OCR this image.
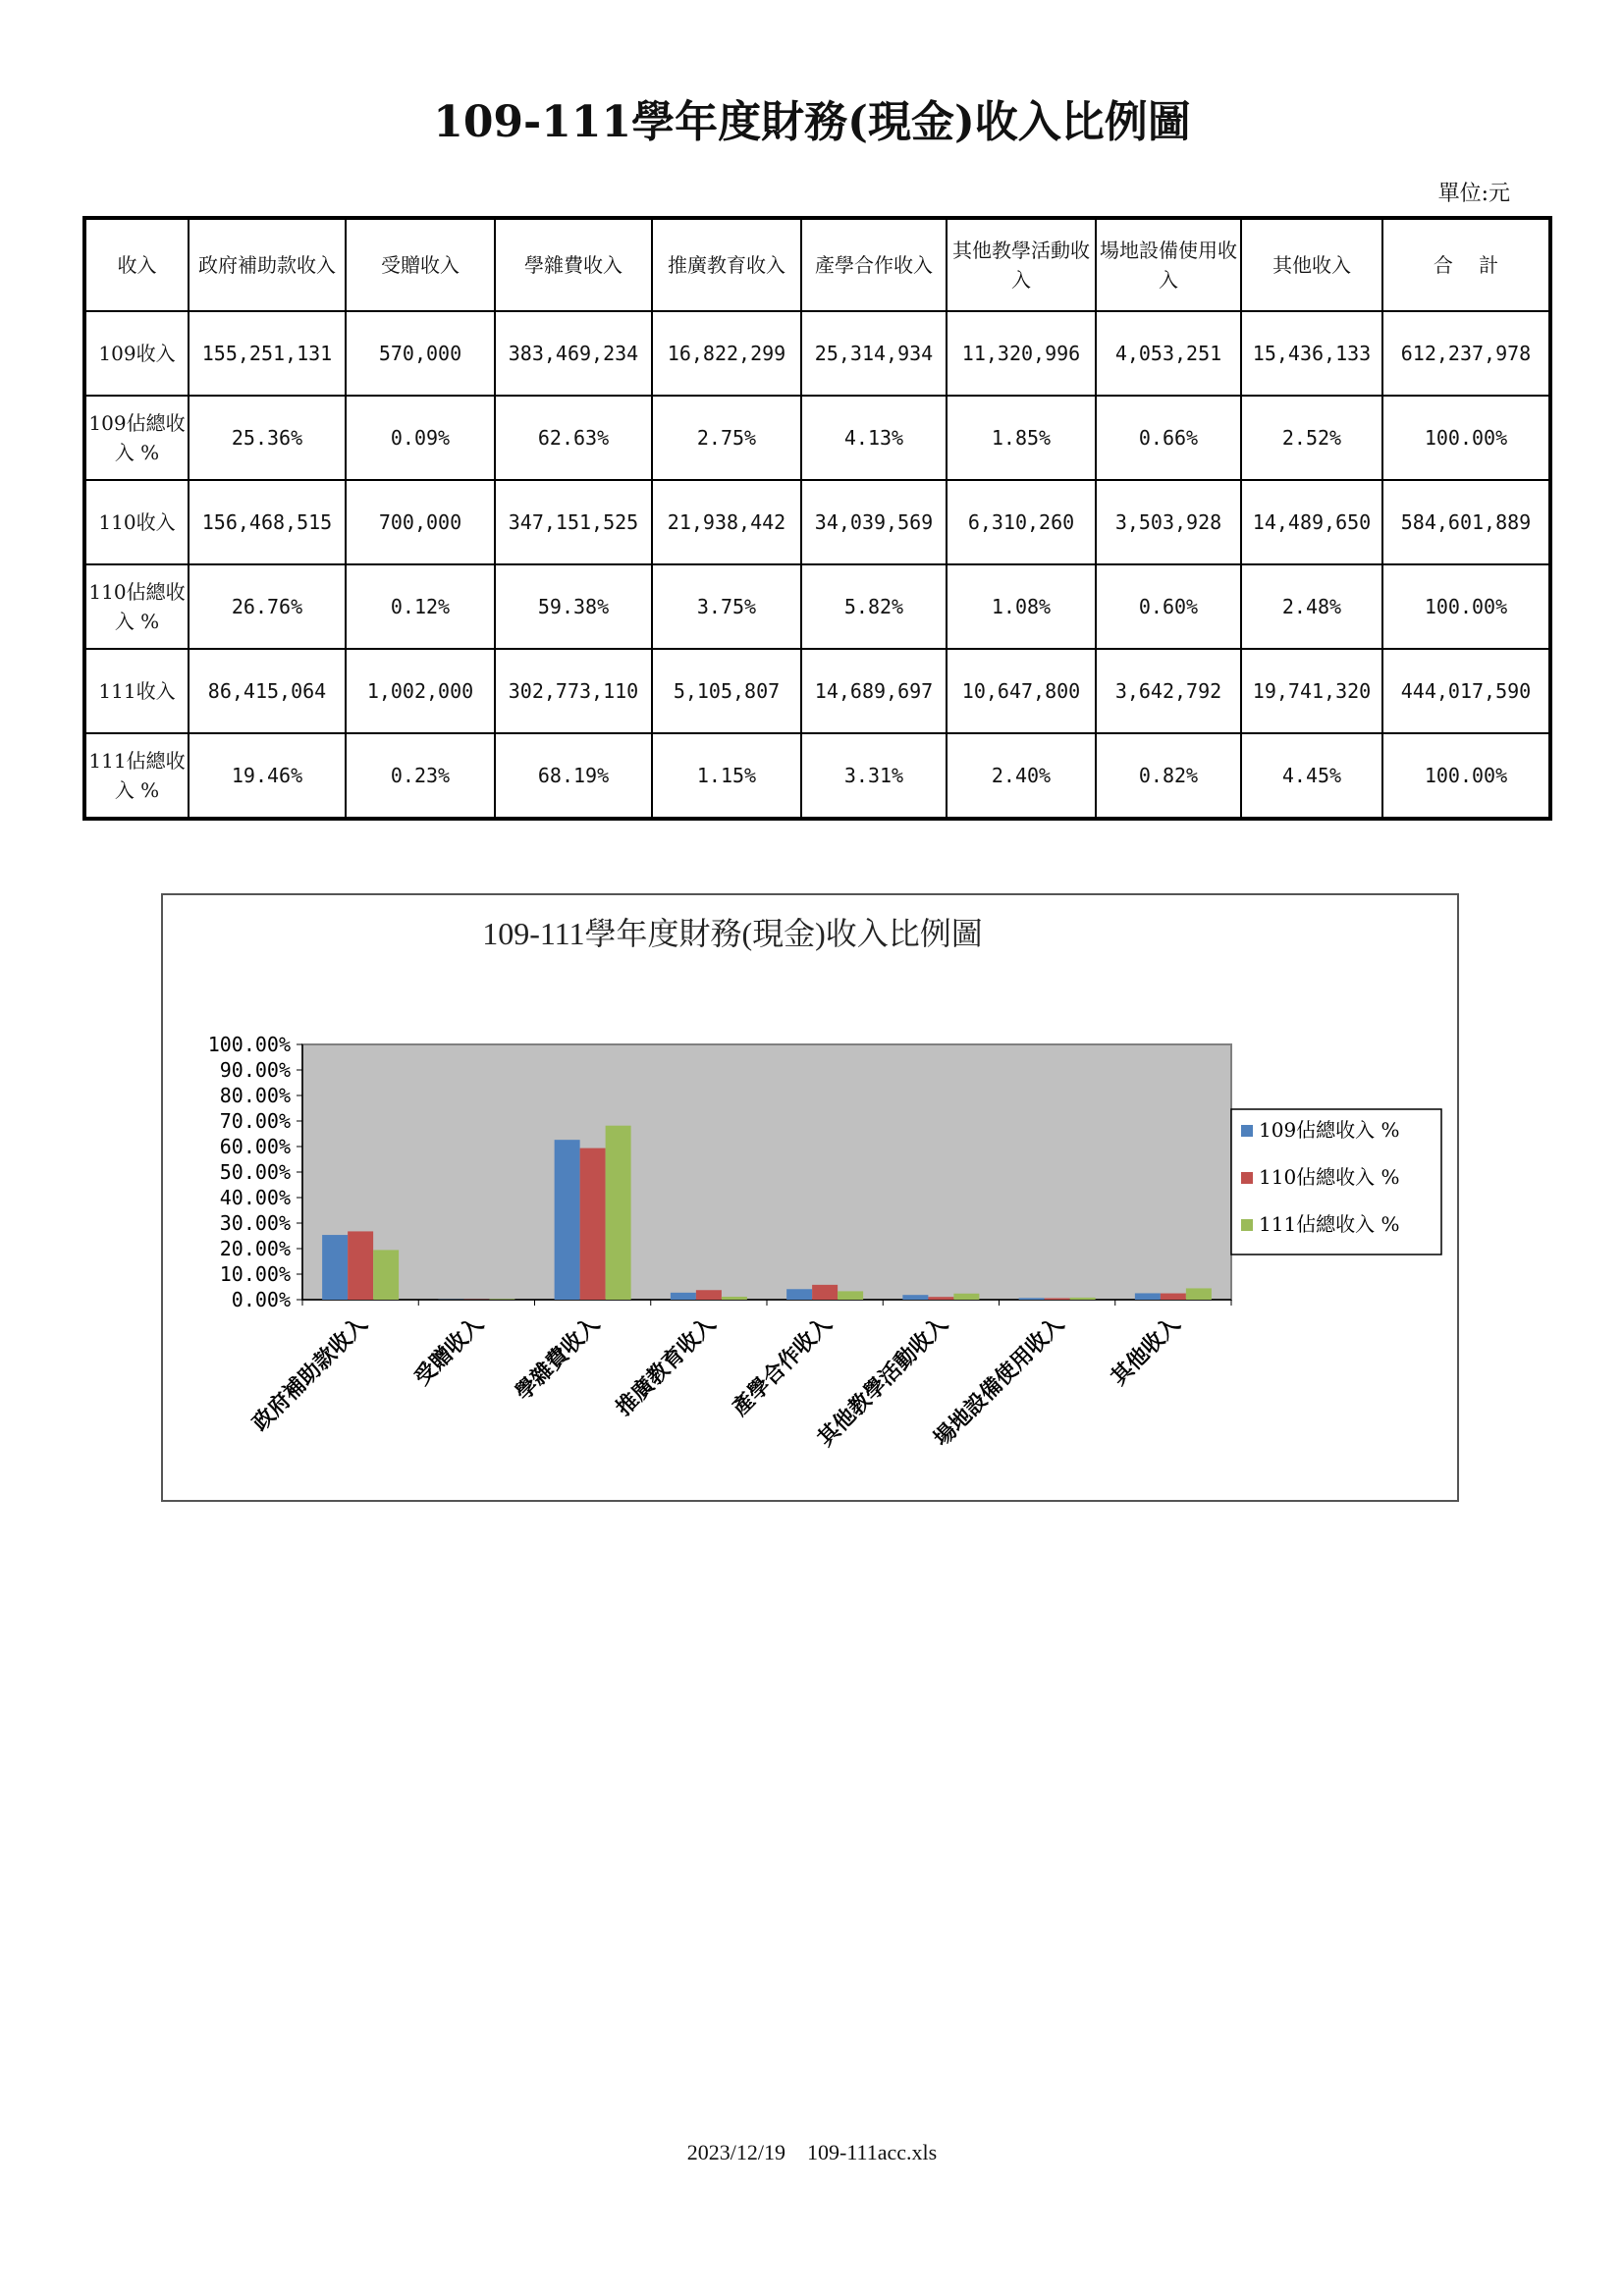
109-111學年度財務(現金)收入比例圖
單位:元
收入	政府補助款收入	受贈收入	學雜費收入	推廣教育收入	產學合作收入	其他教學活動收入	場地設備使用收入	其他收入	合　 計
109收入	155,251,131	570,000	383,469,234	16,822,299	25,314,934	11,320,996	4,053,251	15,436,133	612,237,978
109佔總收入 %	25.36%	0.09%	62.63%	2.75%	4.13%	1.85%	0.66%	2.52%	100.00%
110收入	156,468,515	700,000	347,151,525	21,938,442	34,039,569	6,310,260	3,503,928	14,489,650	584,601,889
110佔總收入 %	26.76%	0.12%	59.38%	3.75%	5.82%	1.08%	0.60%	2.48%	100.00%
111收入	86,415,064	1,002,000	302,773,110	5,105,807	14,689,697	10,647,800	3,642,792	19,741,320	444,017,590
111佔總收入 %	19.46%	0.23%	68.19%	1.15%	3.31%	2.40%	0.82%	4.45%	100.00%
109-111學年度財務(現金)收入比例圖
0.00%
10.00%
20.00%
30.00%
40.00%
50.00%
60.00%
70.00%
80.00%
90.00%
100.00%
政府補助款收入 受贈收入 學雜費收入 推廣教育收入 產學合作收入
其他教學活動收入
場地設備使用收入 其他收入
109佔總收入 %
110佔總收入 %
111佔總收入 %
2023/12/19　109-111acc.xls
